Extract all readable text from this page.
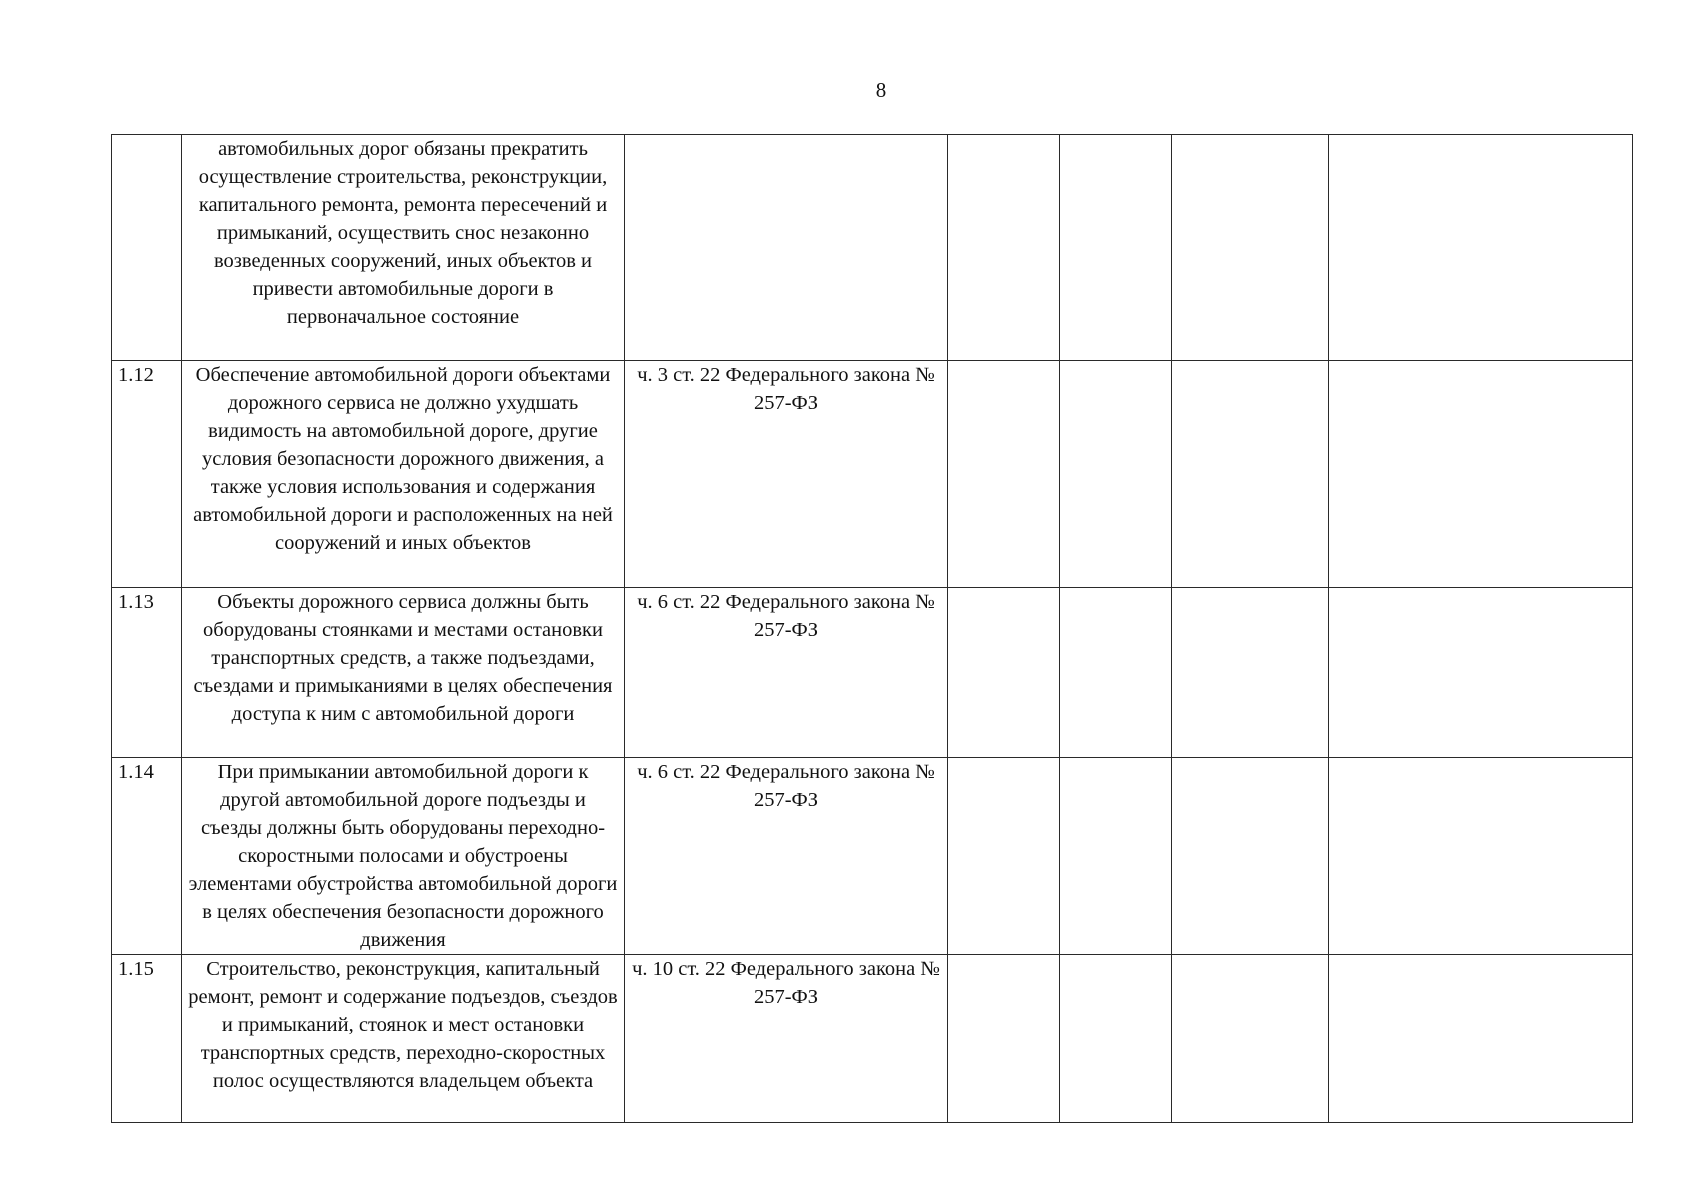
8
	автомобильных дорог обязаны прекратить осуществление строительства, реконструкции, капитального ремонта, ремонта пересечений и примыканий, осуществить снос незаконно возведенных сооружений, иных объектов и привести автомобильные дороги в первоначальное состояние					
1.12	Обеспечение автомобильной дороги объектами дорожного сервиса не должно ухудшать видимость на автомобильной дороге, другие условия безопасности дорожного движения, а также условия использования и содержания автомобильной дороги и расположенных на ней сооружений и иных объектов	ч. 3 ст. 22 Федерального закона № 257-ФЗ				
1.13	Объекты дорожного сервиса должны быть оборудованы стоянками и местами остановки транспортных средств, а также подъездами, съездами и примыканиями в целях обеспечения доступа к ним с автомобильной дороги	ч. 6 ст. 22 Федерального закона № 257-ФЗ				
1.14	При примыкании автомобильной дороги к другой автомобильной дороге подъезды и съезды должны быть оборудованы переходно-скоростными полосами и обустроены элементами обустройства автомобильной дороги в целях обеспечения безопасности дорожного движения	ч. 6 ст. 22 Федерального закона № 257-ФЗ				
1.15	Строительство, реконструкция, капитальный ремонт, ремонт и содержание подъездов, съездов и примыканий, стоянок и мест остановки транспортных средств, переходно-скоростных полос осуществляются владельцем объекта	ч. 10 ст. 22 Федерального закона № 257-ФЗ				
